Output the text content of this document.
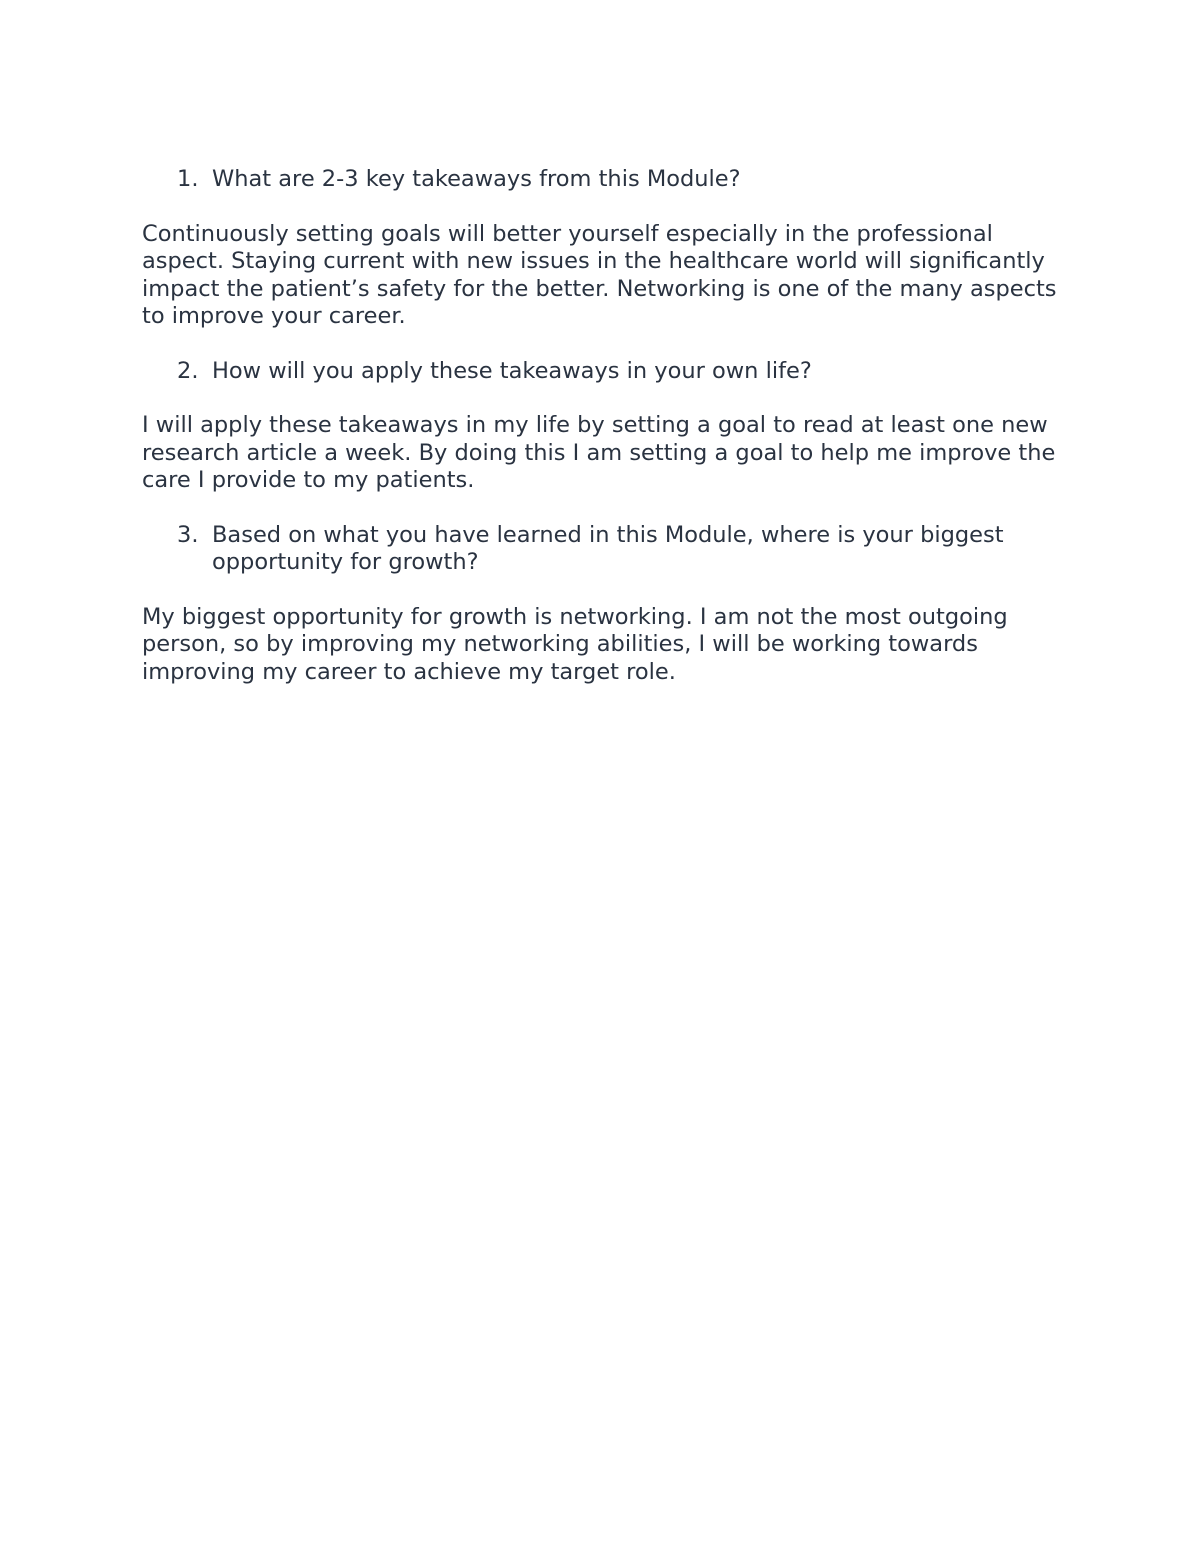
1. What are 2-3 key takeaways from this Module?

Continuously setting goals will better yourself especially in the professional aspect. Staying current with new issues in the healthcare world will significantly impact the patient’s safety for the better. Networking is one of the many aspects to improve your career.

2. How will you apply these takeaways in your own life?

I will apply these takeaways in my life by setting a goal to read at least one new research article a week. By doing this I am setting a goal to help me improve the care I provide to my patients.

3. Based on what you have learned in this Module, where is your biggest opportunity for growth?

My biggest opportunity for growth is networking. I am not the most outgoing person, so by improving my networking abilities, I will be working towards improving my career to achieve my target role.
